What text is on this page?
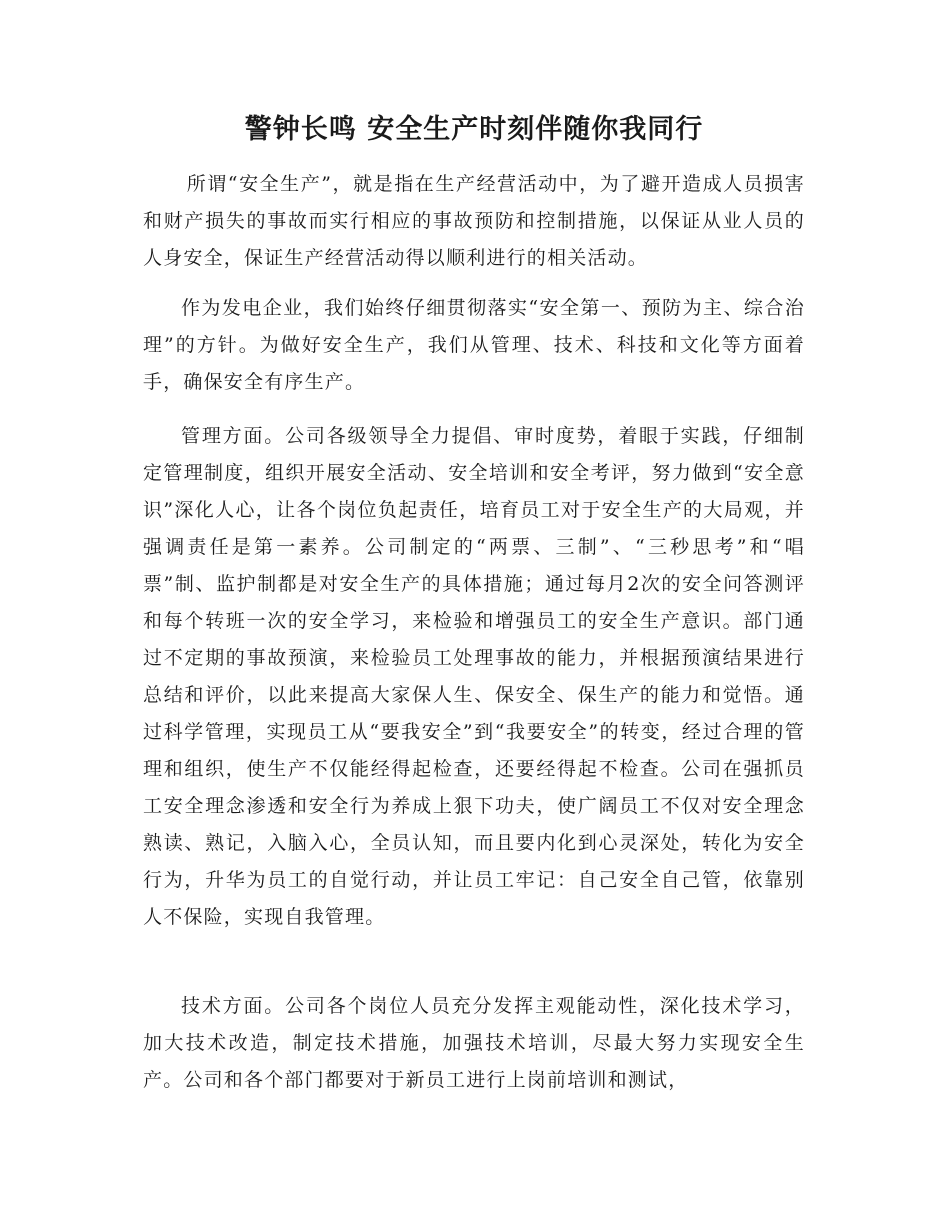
警钟长鸣 安全生产时刻伴随你我同行

所谓“安全生产”，就是指在生产经营活动中，为了避开造成人员损害和财产损失的事故而实行相应的事故预防和控制措施，以保证从业人员的人身安全，保证生产经营活动得以顺利进行的相关活动。

作为发电企业，我们始终仔细贯彻落实“安全第一、预防为主、综合治理”的方针。为做好安全生产，我们从管理、技术、科技和文化等方面着手，确保安全有序生产。

管理方面。公司各级领导全力提倡、审时度势，着眼于实践，仔细制定管理制度，组织开展安全活动、安全培训和安全考评，努力做到“安全意识”深化人心，让各个岗位负起责任，培育员工对于安全生产的大局观，并强调责任是第一素养。公司制定的“两票、三制”、“三秒思考”和“唱票”制、监护制都是对安全生产的具体措施；通过每月2次的安全问答测评和每个转班一次的安全学习，来检验和增强员工的安全生产意识。部门通过不定期的事故预演，来检验员工处理事故的能力，并根据预演结果进行总结和评价，以此来提高大家保人生、保安全、保生产的能力和觉悟。通过科学管理，实现员工从“要我安全”到“我要安全”的转变，经过合理的管理和组织，使生产不仅能经得起检查，还要经得起不检查。公司在强抓员工安全理念渗透和安全行为养成上狠下功夫，使广阔员工不仅对安全理念熟读、熟记，入脑入心，全员认知，而且要内化到心灵深处，转化为安全行为，升华为员工的自觉行动，并让员工牢记：自己安全自己管，依靠别人不保险，实现自我管理。

技术方面。公司各个岗位人员充分发挥主观能动性，深化技术学习，加大技术改造，制定技术措施，加强技术培训，尽最大努力实现安全生产。公司和各个部门都要对于新员工进行上岗前培训和测试，
